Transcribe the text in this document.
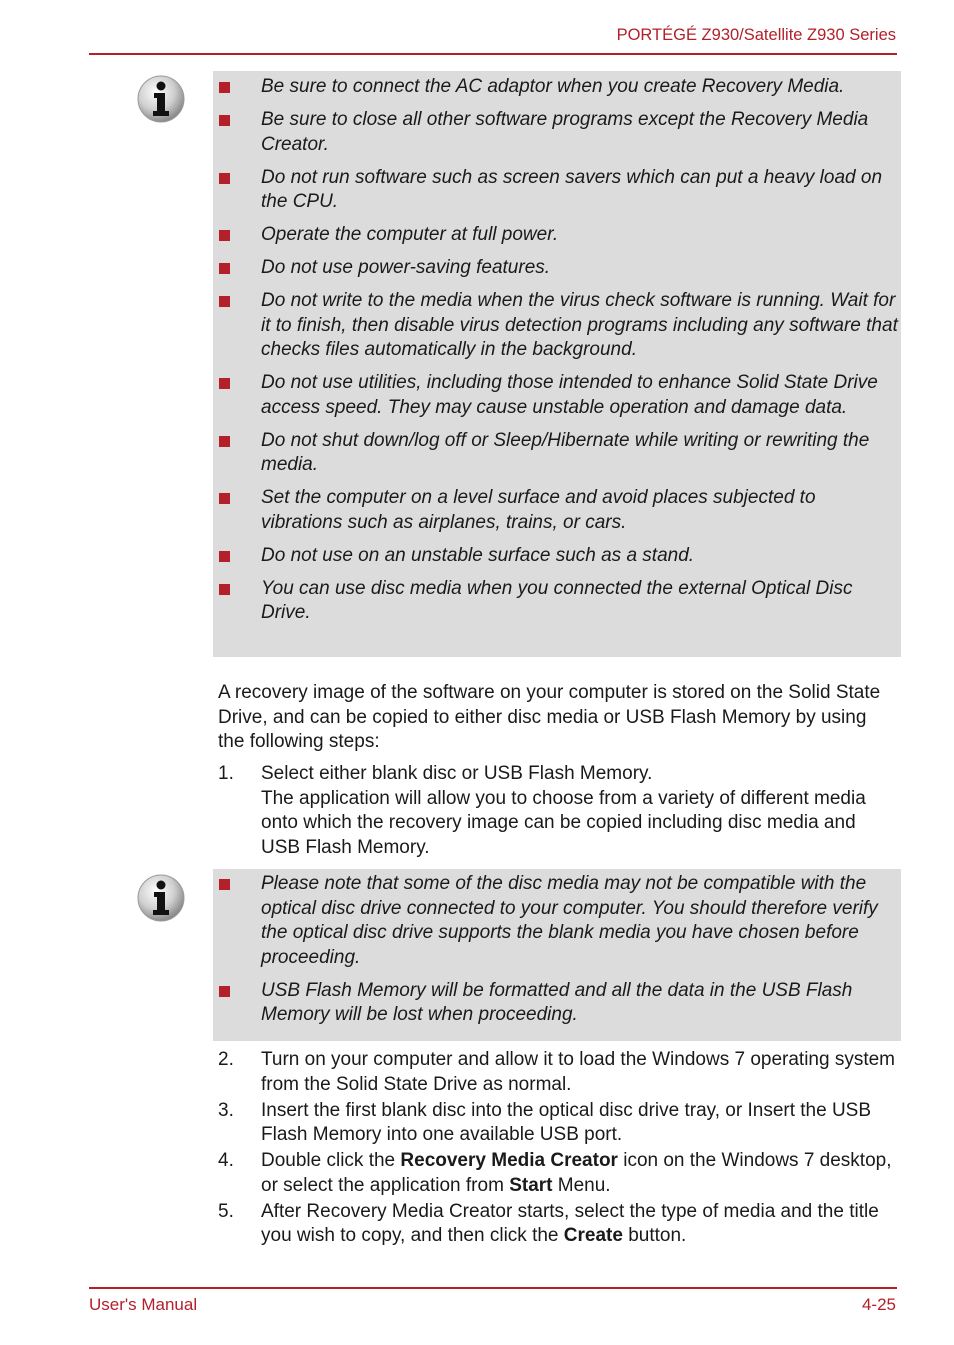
PORTÉGÉ Z930/Satellite Z930 Series
Be sure to connect the AC adaptor when you create Recovery Media.
Be sure to close all other software programs except the Recovery Media Creator.
Do not run software such as screen savers which can put a heavy load on the CPU.
Operate the computer at full power.
Do not use power-saving features.
Do not write to the media when the virus check software is running. Wait for it to finish, then disable virus detection programs including any software that checks files automatically in the background.
Do not use utilities, including those intended to enhance Solid State Drive access speed. They may cause unstable operation and damage data.
Do not shut down/log off or Sleep/Hibernate while writing or rewriting the media.
Set the computer on a level surface and avoid places subjected to vibrations such as airplanes, trains, or cars.
Do not use on an unstable surface such as a stand.
You can use disc media when you connected the external Optical Disc Drive.
A recovery image of the software on your computer is stored on the Solid State Drive, and can be copied to either disc media or USB Flash Memory by using the following steps:
1. Select either blank disc or USB Flash Memory.
The application will allow you to choose from a variety of different media onto which the recovery image can be copied including disc media and USB Flash Memory.
Please note that some of the disc media may not be compatible with the optical disc drive connected to your computer. You should therefore verify the optical disc drive supports the blank media you have chosen before proceeding.
USB Flash Memory will be formatted and all the data in the USB Flash Memory will be lost when proceeding.
2. Turn on your computer and allow it to load the Windows 7 operating system from the Solid State Drive as normal.
3. Insert the first blank disc into the optical disc drive tray, or Insert the USB Flash Memory into one available USB port.
4. Double click the Recovery Media Creator icon on the Windows 7 desktop, or select the application from Start Menu.
5. After Recovery Media Creator starts, select the type of media and the title you wish to copy, and then click the Create button.
User's Manual	4-25
